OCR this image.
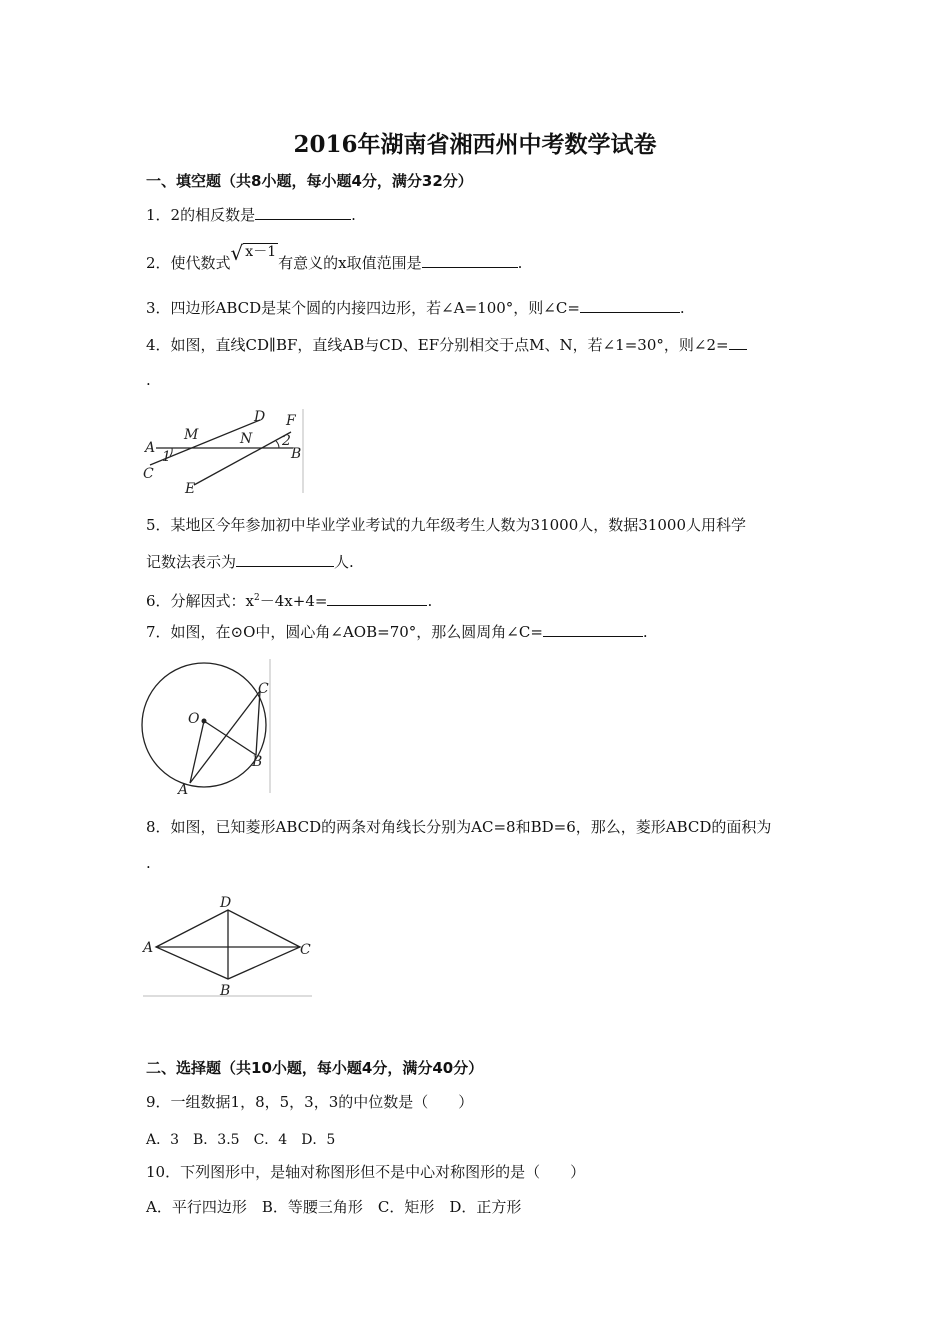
2016年湖南省湘西州中考数学试卷
一、填空题（共8小题，每小题4分，满分32分）
1．2的相反数是	.
2．使代数式√ x－1有意义的x取值范围是	.
3．四边形ABCD是某个圆的内接四边形，若∠A=100°，则∠C=	.
4．如图，直线CD∥BF，直线AB与CD、EF分别相交于点M、N，若∠1=30°，则∠2=
.
A	B
C
D
E
F
M	N
1
2
5．某地区今年参加初中毕业学业考试的九年级考生人数为31000人，数据31000人用科学
记数法表示为	人.
6．分解因式：$x^2-4x+4=$	.
7．如图，在⊙O中，圆心角∠AOB=70°，那么圆周角∠C=	.
O
A
B
C
8．如图，已知菱形ABCD的两条对角线长分别为AC=8和BD=6，那么，菱形ABCD的面积为
.
A
B
C
D
二、选择题（共10小题，每小题4分，满分40分）
9．一组数据1，8，5，3，3的中位数是（　　）
A．3　B．3.5　C．4　D．5
10．下列图形中，是轴对称图形但不是中心对称图形的是（　　）
A．平行四边形　B．等腰三角形　C．矩形　D．正方形
